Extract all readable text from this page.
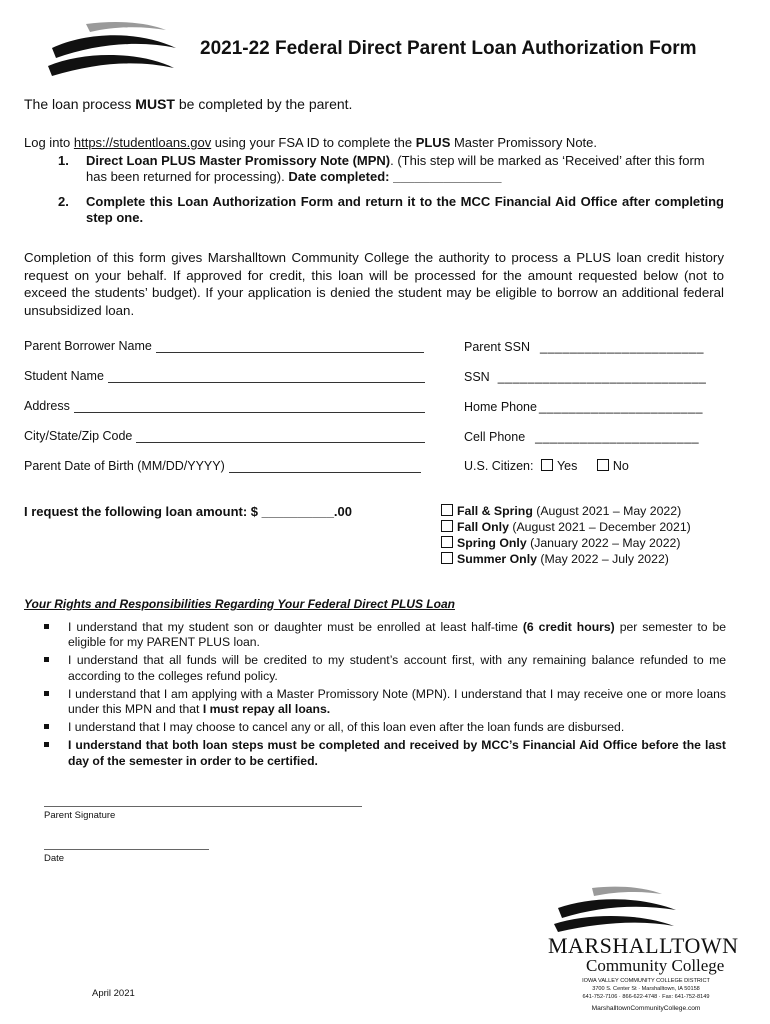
2021-22 Federal Direct Parent Loan Authorization Form
The loan process MUST be completed by the parent.
Log into https://studentloans.gov using your FSA ID to complete the PLUS Master Promissory Note.
1. Direct Loan PLUS Master Promissory Note (MPN). (This step will be marked as ‘Received’ after this form has been returned for processing). Date completed: _______________
2. Complete this Loan Authorization Form and return it to the MCC Financial Aid Office after completing step one.
Completion of this form gives Marshalltown Community College the authority to process a PLUS loan credit history request on your behalf. If approved for credit, this loan will be processed for the amount requested below (not to exceed the students’ budget). If your application is denied the student may be eligible to borrow an additional federal unsubsidized loan.
Parent Borrower Name
Student Name
Address
City/State/Zip Code
Parent Date of Birth (MM/DD/YYYY)
Parent SSN ______________________
SSN ____________________________
Home Phone ______________________
Cell Phone ______________________
U.S. Citizen: Yes	No
I request the following loan amount: $ __________.00	Fall & Spring (August 2021 – May 2022)
Fall Only (August 2021 – December 2021)
Spring Only (January 2022 – May 2022)
Summer Only (May 2022 – July 2022)
Your Rights and Responsibilities Regarding Your Federal Direct PLUS Loan
I understand that my student son or daughter must be enrolled at least half-time (6 credit hours) per semester to be eligible for my PARENT PLUS loan.
I understand that all funds will be credited to my student’s account first, with any remaining balance refunded to me according to the colleges refund policy.
I understand that I am applying with a Master Promissory Note (MPN). I understand that I may receive one or more loans under this MPN and that I must repay all loans.
I understand that I may choose to cancel any or all, of this loan even after the loan funds are disbursed.
I understand that both loan steps must be completed and received by MCC’s Financial Aid Office before the last day of the semester in order to be certified.
Parent Signature
Date
MARSHALLTOWN
Community College
IOWA VALLEY COMMUNITY COLLEGE DISTRICT
3700 S. Center St · Marshalltown, IA 50158
641-752-7106 · 866-622-4748 · Fax: 641-752-8149
MarshalltownCommunityCollege.com
April 2021
